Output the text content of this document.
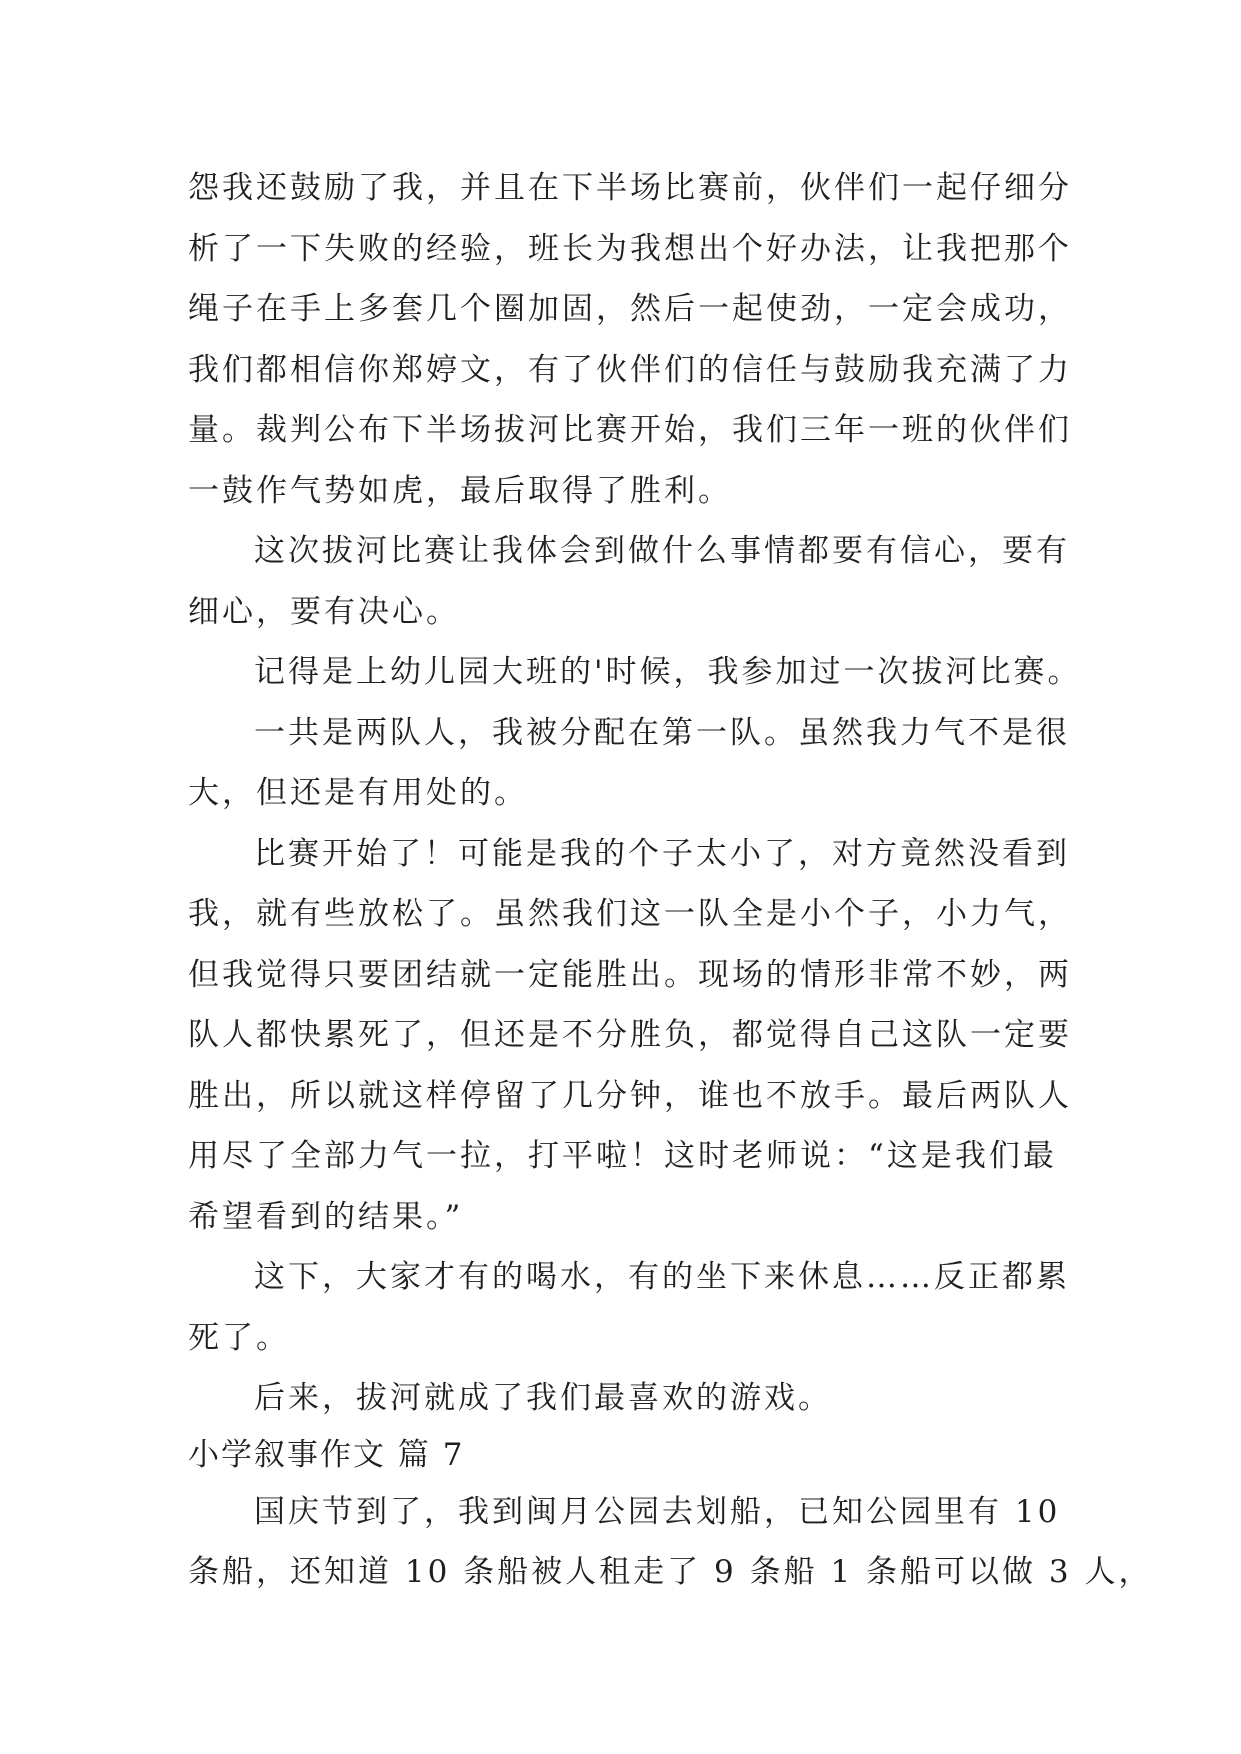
怨我还鼓励了我，并且在下半场比赛前，伙伴们一起仔细分
析了一下失败的经验，班长为我想出个好办法，让我把那个
绳子在手上多套几个圈加固，然后一起使劲，一定会成功，
我们都相信你郑婷文，有了伙伴们的信任与鼓励我充满了力
量。裁判公布下半场拔河比赛开始，我们三年一班的伙伴们
一鼓作气势如虎，最后取得了胜利。
这次拔河比赛让我体会到做什么事情都要有信心，要有
细心，要有决心。
记得是上幼儿园大班的'时候，我参加过一次拔河比赛。
一共是两队人，我被分配在第一队。虽然我力气不是很
大，但还是有用处的。
比赛开始了！可能是我的个子太小了，对方竟然没看到
我，就有些放松了。虽然我们这一队全是小个子，小力气，
但我觉得只要团结就一定能胜出。现场的情形非常不妙，两
队人都快累死了，但还是不分胜负，都觉得自己这队一定要
胜出，所以就这样停留了几分钟，谁也不放手。最后两队人
用尽了全部力气一拉，打平啦！这时老师说：“这是我们最
希望看到的结果。”
这下，大家才有的喝水，有的坐下来休息……反正都累
死了。
后来，拔河就成了我们最喜欢的游戏。
小学叙事作文 篇 7
国庆节到了，我到闽月公园去划船，已知公园里有 10
条船，还知道 10 条船被人租走了 9 条船 1 条船可以做 3 人，
